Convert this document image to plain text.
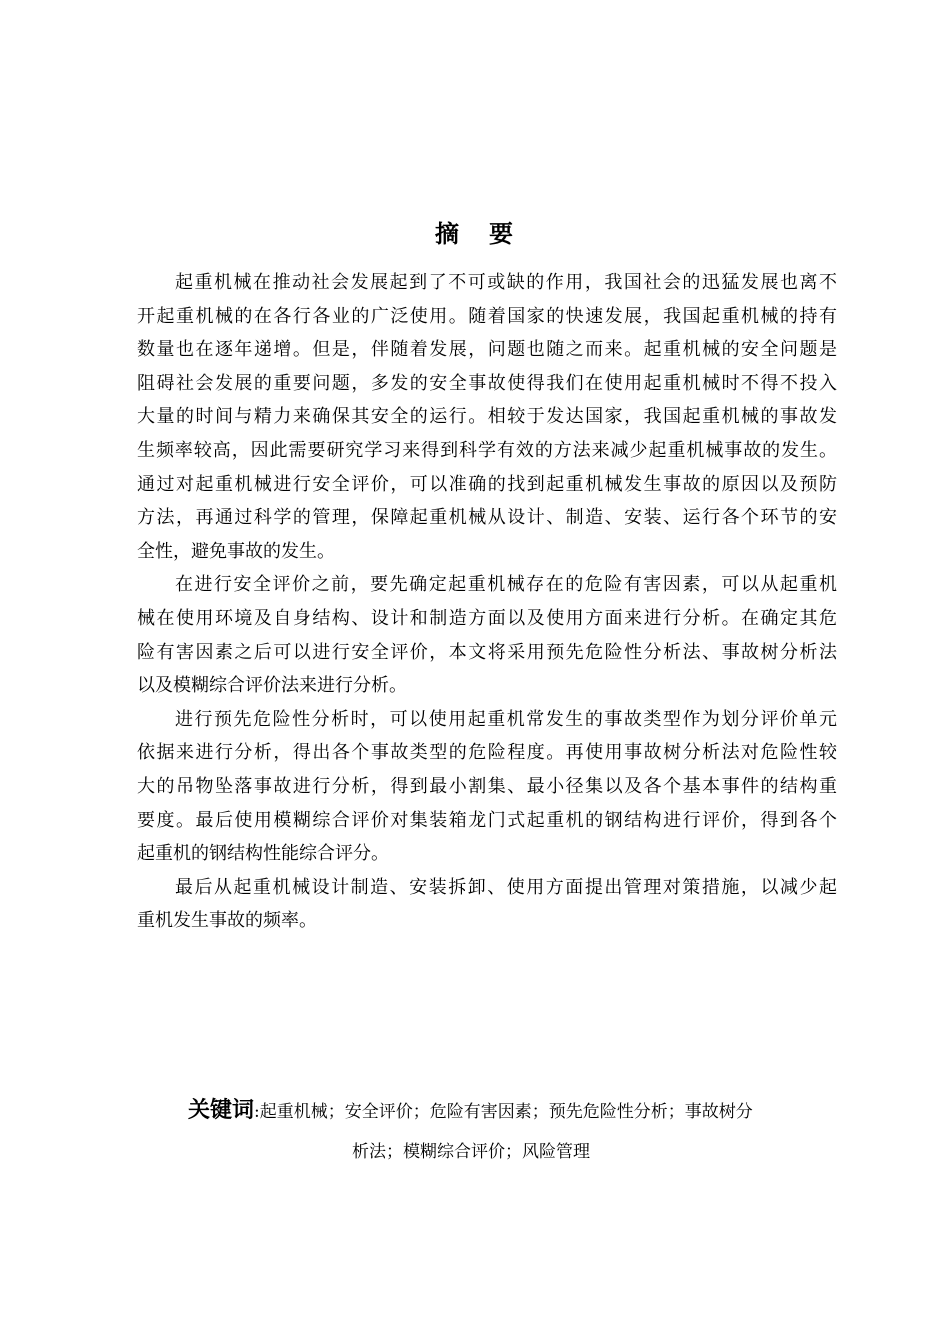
摘 要
起重机械在推动社会发展起到了不可或缺的作用，我国社会的迅猛发展也离不
开起重机械的在各行各业的广泛使用。随着国家的快速发展，我国起重机械的持有
数量也在逐年递增。但是，伴随着发展，问题也随之而来。起重机械的安全问题是
阻碍社会发展的重要问题，多发的安全事故使得我们在使用起重机械时不得不投入
大量的时间与精力来确保其安全的运行。相较于发达国家，我国起重机械的事故发
生频率较高，因此需要研究学习来得到科学有效的方法来减少起重机械事故的发生。
通过对起重机械进行安全评价，可以准确的找到起重机械发生事故的原因以及预防
方法，再通过科学的管理，保障起重机械从设计、制造、安装、运行各个环节的安
全性，避免事故的发生。
在进行安全评价之前，要先确定起重机械存在的危险有害因素，可以从起重机
械在使用环境及自身结构、设计和制造方面以及使用方面来进行分析。在确定其危
险有害因素之后可以进行安全评价，本文将采用预先危险性分析法、事故树分析法
以及模糊综合评价法来进行分析。
进行预先危险性分析时，可以使用起重机常发生的事故类型作为划分评价单元
依据来进行分析，得出各个事故类型的危险程度。再使用事故树分析法对危险性较
大的吊物坠落事故进行分析，得到最小割集、最小径集以及各个基本事件的结构重
要度。最后使用模糊综合评价对集装箱龙门式起重机的钢结构进行评价，得到各个
起重机的钢结构性能综合评分。
最后从起重机械设计制造、安装拆卸、使用方面提出管理对策措施，以减少起
重机发生事故的频率。
关键词:起重机械；安全评价；危险有害因素；预先危险性分析；事故树分
析法；模糊综合评价；风险管理
